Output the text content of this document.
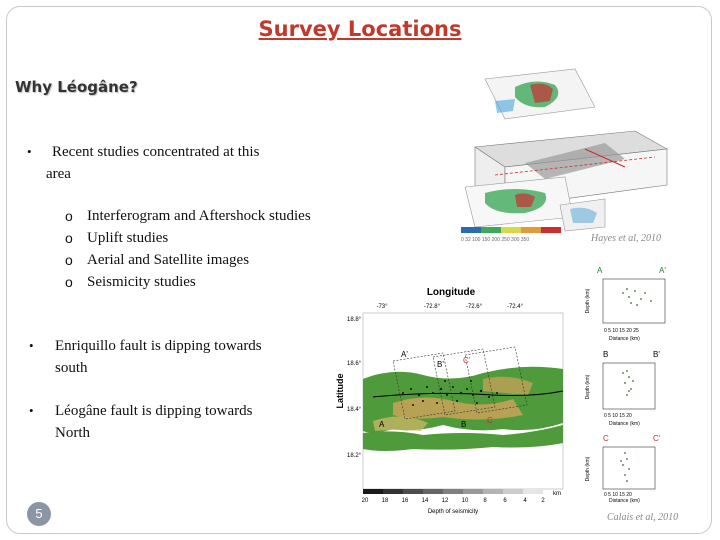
Survey Locations
Why Léogâne?
•	Recent studies concentrated at this
area
o Interferogram and Aftershock studies
o Uplift studies
o Aerial and Satellite images
o Seismicity studies
•	Enriquillo fault is dipping towards
south
•	Léogâne fault is dipping towards
North
5
0 32 100 150 200 250 300 350	Hayes et al, 2010
Longitude
-73°	-72.8°	-72.6°	-72.4°
Latitude
18.8°
18.6°
18.4°
18.2°
A'
A
B'
B
C'
C
20 18 16 14 12 10 8	6	4 2
km
Depth of seismicity
A	A'
Depth (km)
0 5 10 15 20 25
Distance (km)
B	B'
Depth (km)
0 5 10 15 20
Distance (km)
C	C'
Depth (km)
0 5 10 15 20
Distance (km)
Calais et al, 2010
